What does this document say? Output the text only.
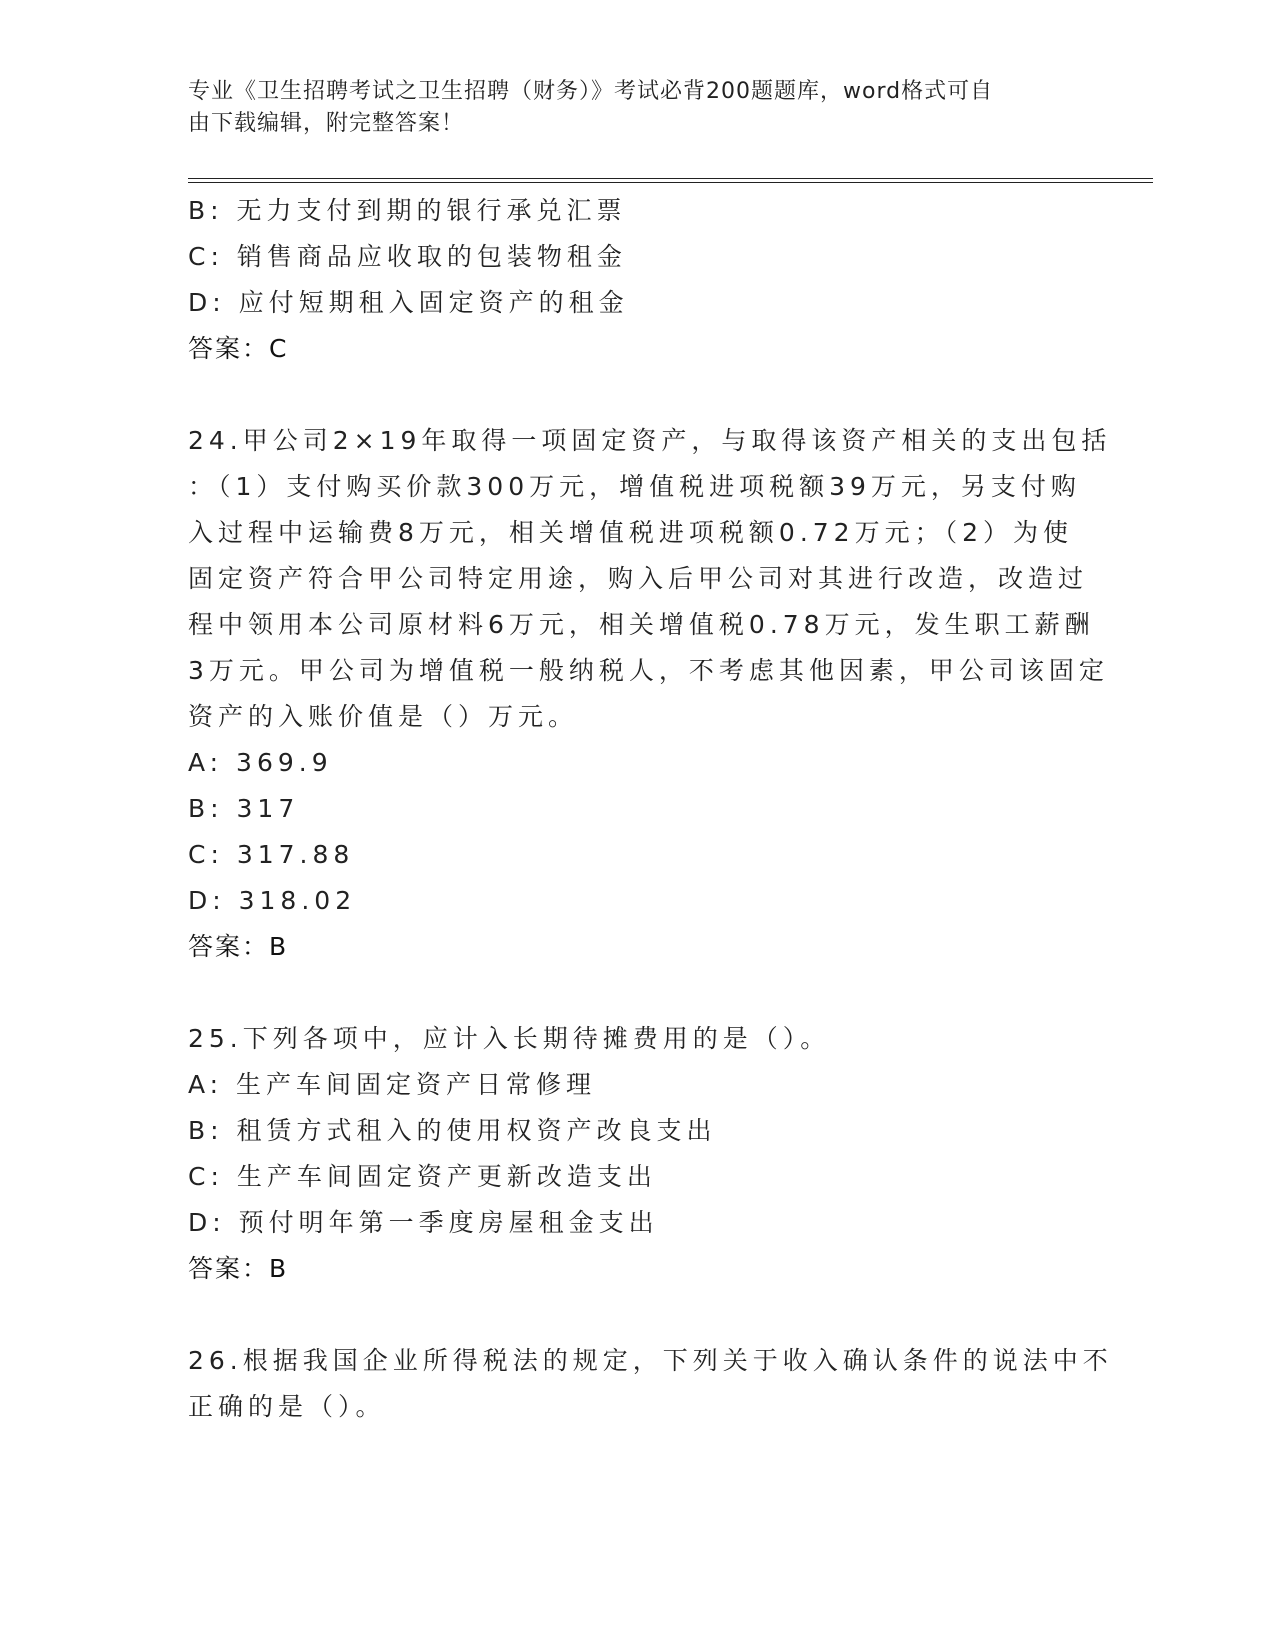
专业《卫生招聘考试之卫生招聘（财务）》考试必背200题题库，word格式可自
由下载编辑，附完整答案！
B: 无力支付到期的银行承兑汇票
C: 销售商品应收取的包装物租金
D: 应付短期租入固定资产的租金
答案：C
24.甲公司2×19年取得一项固定资产，与取得该资产相关的支出包括
：（1）支付购买价款300万元，增值税进项税额39万元，另支付购
入过程中运输费8万元，相关增值税进项税额0.72万元；（2）为使
固定资产符合甲公司特定用途，购入后甲公司对其进行改造，改造过
程中领用本公司原材料6万元，相关增值税0.78万元，发生职工薪酬
3万元。甲公司为增值税一般纳税人，不考虑其他因素，甲公司该固定
资产的入账价值是（）万元。
A: 369.9
B: 317
C: 317.88
D: 318.02
答案：B
25.下列各项中，应计入长期待摊费用的是（）。
A: 生产车间固定资产日常修理
B: 租赁方式租入的使用权资产改良支出
C: 生产车间固定资产更新改造支出
D: 预付明年第一季度房屋租金支出
答案：B
26.根据我国企业所得税法的规定，下列关于收入确认条件的说法中不
正确的是（）。
